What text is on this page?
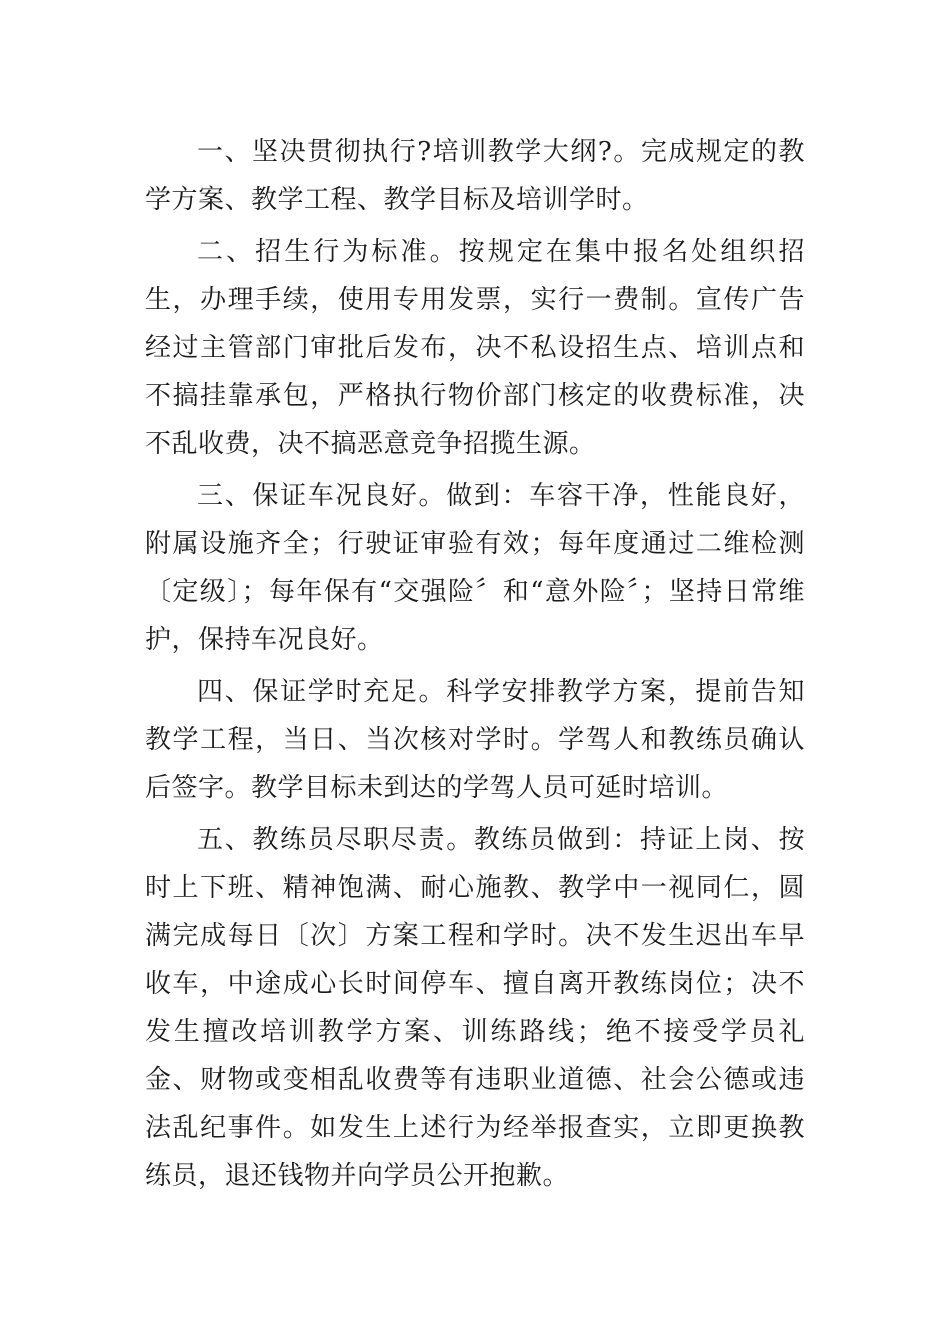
一、坚决贯彻执行?培训教学大纲?。完成规定的教学方案、教学工程、教学目标及培训学时。

二、招生行为标准。按规定在集中报名处组织招生，办理手续，使用专用发票，实行一费制。宣传广告经过主管部门审批后发布，决不私设招生点、培训点和不搞挂靠承包，严格执行物价部门核定的收费标准，决不乱收费，决不搞恶意竞争招揽生源。

三、保证车况良好。做到：车容干净，性能良好，附属设施齐全；行驶证审验有效；每年度通过二维检测〔定级〕；每年保有“交强险〞和“意外险〞；坚持日常维护，保持车况良好。

四、保证学时充足。科学安排教学方案，提前告知教学工程，当日、当次核对学时。学驾人和教练员确认后签字。教学目标未到达的学驾人员可延时培训。

五、教练员尽职尽责。教练员做到：持证上岗、按时上下班、精神饱满、耐心施教、教学中一视同仁，圆满完成每日〔次〕方案工程和学时。决不发生迟出车早收车，中途成心长时间停车、擅自离开教练岗位；决不发生擅改培训教学方案、训练路线；绝不接受学员礼金、财物或变相乱收费等有违职业道德、社会公德或违法乱纪事件。如发生上述行为经举报查实，立即更换教练员，退还钱物并向学员公开抱歉。
